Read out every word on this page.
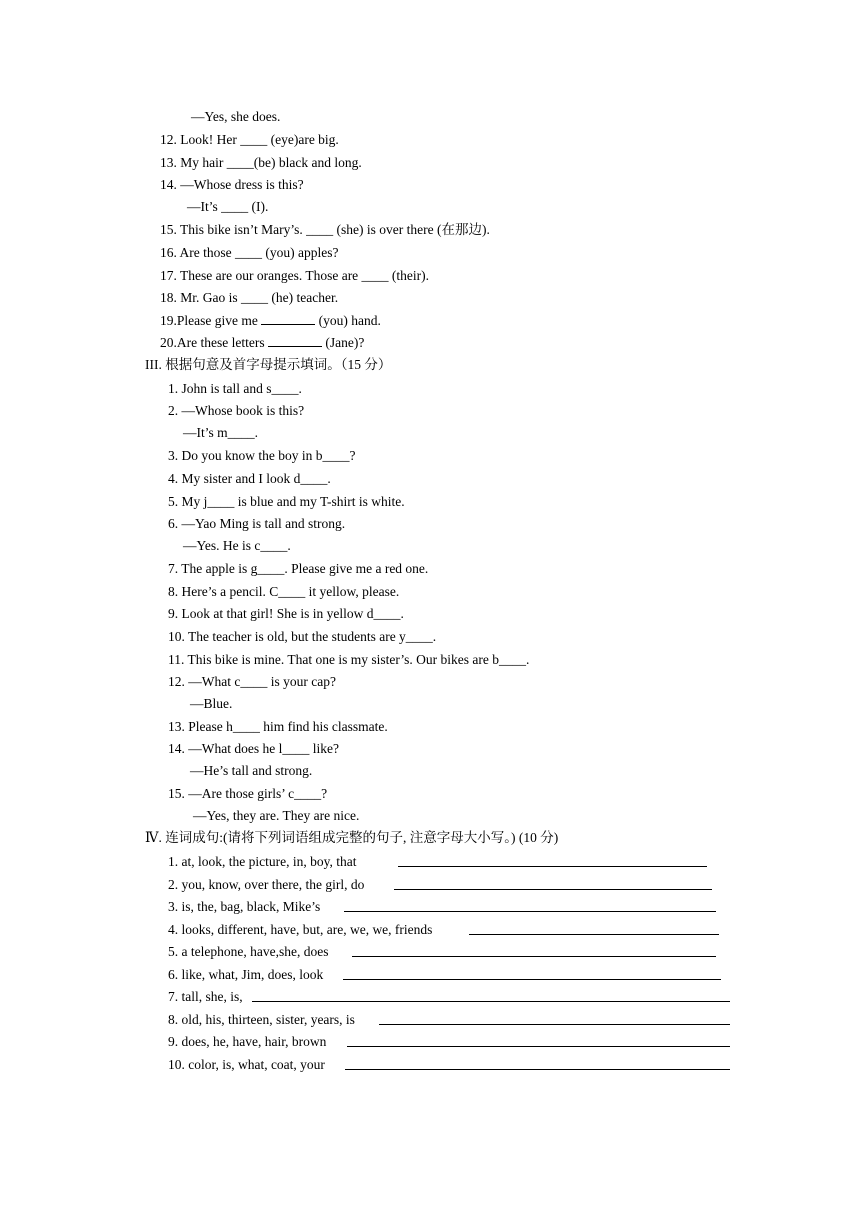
—Yes, she does.
12. Look! Her ____ (eye)are big.
13. My hair ____(be) black and long.
14. —Whose dress is this?
—It’s ____ (I).
15. This bike isn’t Mary’s. ____ (she) is over there (在那边).
16. Are those ____ (you) apples?
17. These are our oranges. Those are ____ (their).
18. Mr. Gao is ____ (he) teacher.
19.Please give me	(you) hand.
20.Are these letters	(Jane)?
III. 根据句意及首字母提示填词。（15 分）
1. John is tall and s____.
2. —Whose book is this?
—It’s m____.
3. Do you know the boy in b____?
4. My sister and I look d____.
5. My j____ is blue and my T-shirt is white.
6. —Yao Ming is tall and strong.
—Yes. He is c____.
7. The apple is g____. Please give me a red one.
8. Here’s a pencil. C____ it yellow, please.
9. Look at that girl! She is in yellow d____.
10. The teacher is old, but the students are y____.
11. This bike is mine. That one is my sister’s. Our bikes are b____.
12. —What c____ is your cap?
—Blue.
13. Please h____ him find his classmate.
14. —What does he l____ like?
—He’s tall and strong.
15. —Are those girls’ c____?
—Yes, they are. They are nice.
Ⅳ. 连词成句:(请将下列词语组成完整的句子, 注意字母大小写。) (10 分)
1. at, look, the picture, in, boy, that
2. you, know, over there, the girl, do
3. is, the, bag, black, Mike’s
4. looks, different, have, but, are, we, we, friends
5. a telephone, have,she, does
6. like, what, Jim, does, look
7. tall, she, is,
8. old, his, thirteen, sister, years, is
9. does, he, have, hair, brown
10. color, is, what, coat, your
